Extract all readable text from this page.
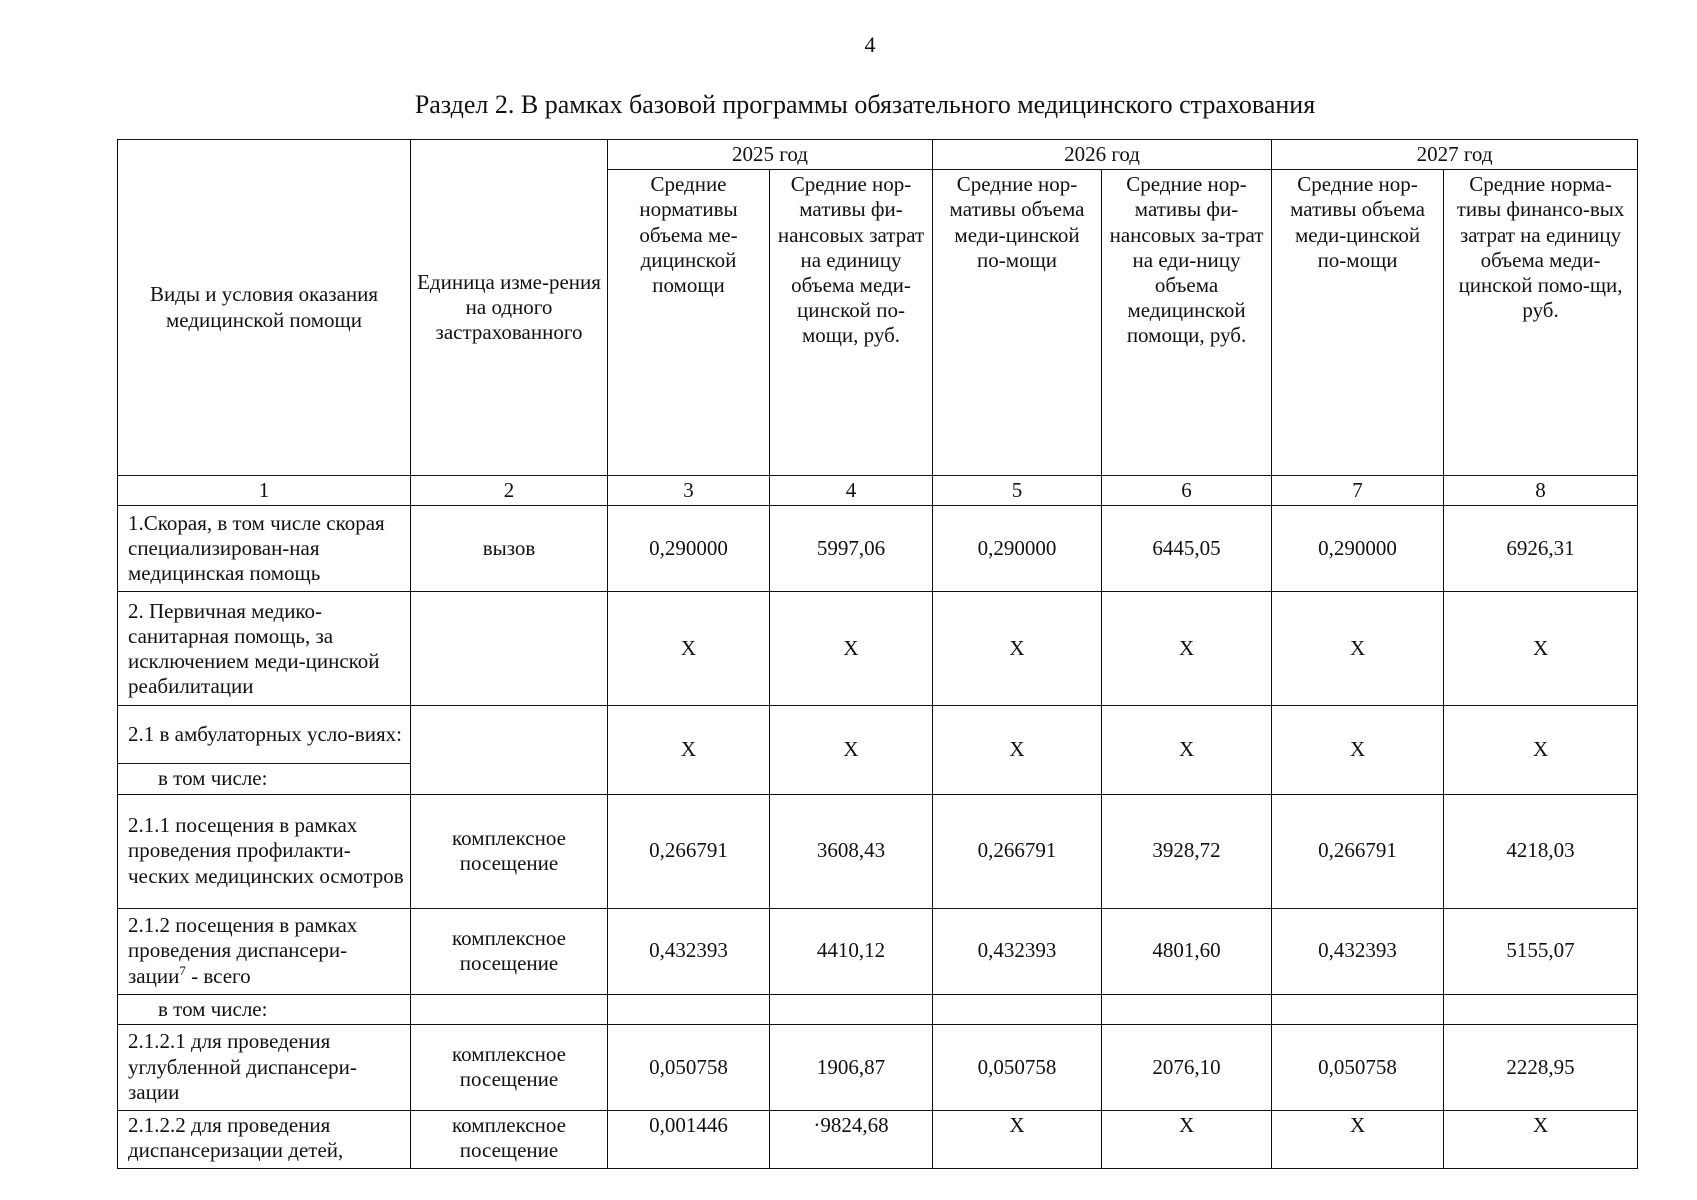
4
Раздел 2. В рамках базовой программы обязательного медицинского страхования
Виды и условия оказания медицинской помощи	Единица изме-рения на одного застрахованного	2025 год		2026 год		2027 год	
		Средние нормативы объема ме-дицинской помощи	Средние нор-мативы фи-нансовых затрат на единицу объема меди-цинской по-мощи, руб.	Средние нор-мативы объема меди-цинской по-мощи	Средние нор-мативы фи-нансовых за-трат на еди-ницу объема медицинской помощи, руб.	Средние нор-мативы объема меди-цинской по-мощи	Средние норма-тивы финансо-вых затрат на единицу объема меди-цинской помо-щи, руб.
1	2	3	4	5	6	7	8
1.Скорая, в том числе скорая специализирован-ная медицинская помощь	вызов	0,290000	5997,06	0,290000	6445,05	0,290000	6926,31
2. Первичная медико-санитарная помощь, за исключением меди-цинской реабилитации		X	X	X	X	X	X
2.1 в амбулаторных усло-виях:		X	X	X	X	X	X
в том числе:							
2.1.1 посещения в рамках проведения профилакти-ческих медицинских осмотров	комплексное посещение	0,266791	3608,43	0,266791	3928,72	0,266791	4218,03
2.1.2 посещения в рамках проведения диспансери-зации$^7$ - всего	комплексное посещение	0,432393	4410,12	0,432393	4801,60	0,432393	5155,07
в том числе:							
2.1.2.1 для проведения углубленной диспансери-зации	комплексное посещение	0,050758	1906,87	0,050758	2076,10	0,050758	2228,95
2.1.2.2 для проведения диспансеризации детей,	комплексное посещение	0,001446	·9824,68	X	X	X	X
